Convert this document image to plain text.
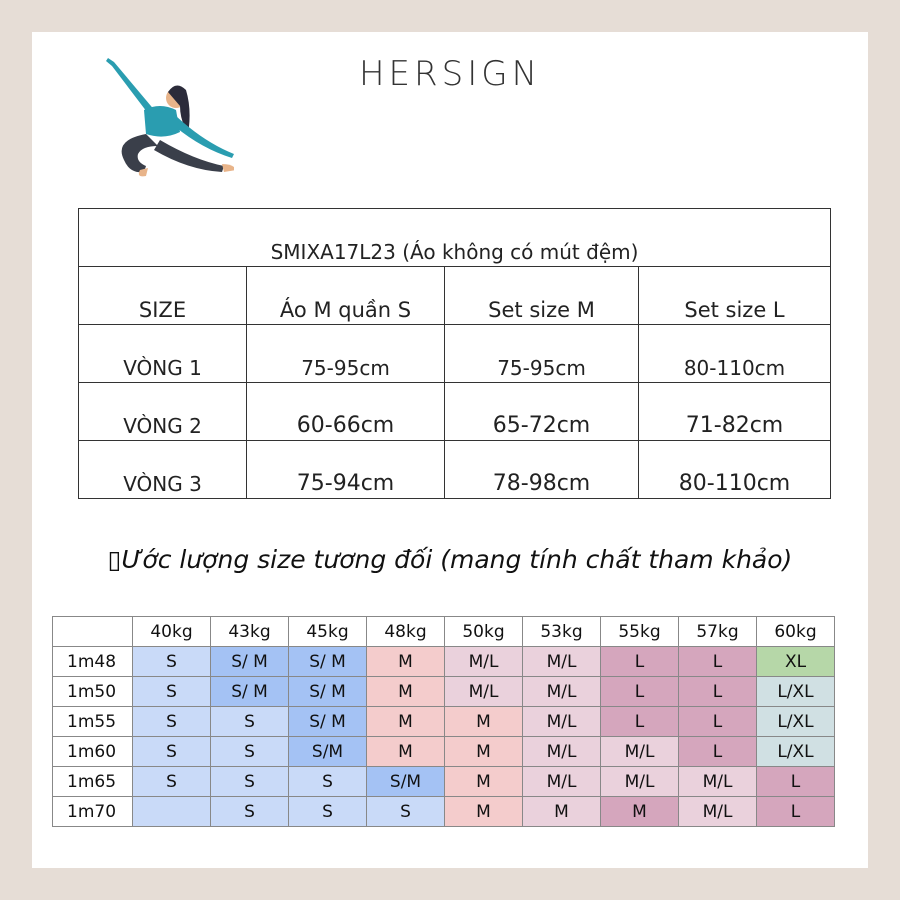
HERSIGN
SMIXA17L23 (Áo không có mút đệm)			
SIZE	Áo M quần S	Set size M	Set size L
VÒNG 1	75-95cm	75-95cm	80-110cm
VÒNG 2	60-66cm	65-72cm	71-82cm
VÒNG 3	75-94cm	78-98cm	80-110cm
▯Ước lượng size tương đối (mang tính chất tham khảo)
	40kg	43kg	45kg	48kg	50kg	53kg	55kg	57kg	60kg
1m48	S	S/ M	S/ M	M	M/L	M/L	L	L	XL
1m50	S	S/ M	S/ M	M	M/L	M/L	L	L	L/XL
1m55	S	S	S/ M	M	M	M/L	L	L	L/XL
1m60	S	S	S/M	M	M	M/L	M/L	L	L/XL
1m65	S	S	S	S/M	M	M/L	M/L	M/L	L
1m70		S	S	S	M	M	M	M/L	L
